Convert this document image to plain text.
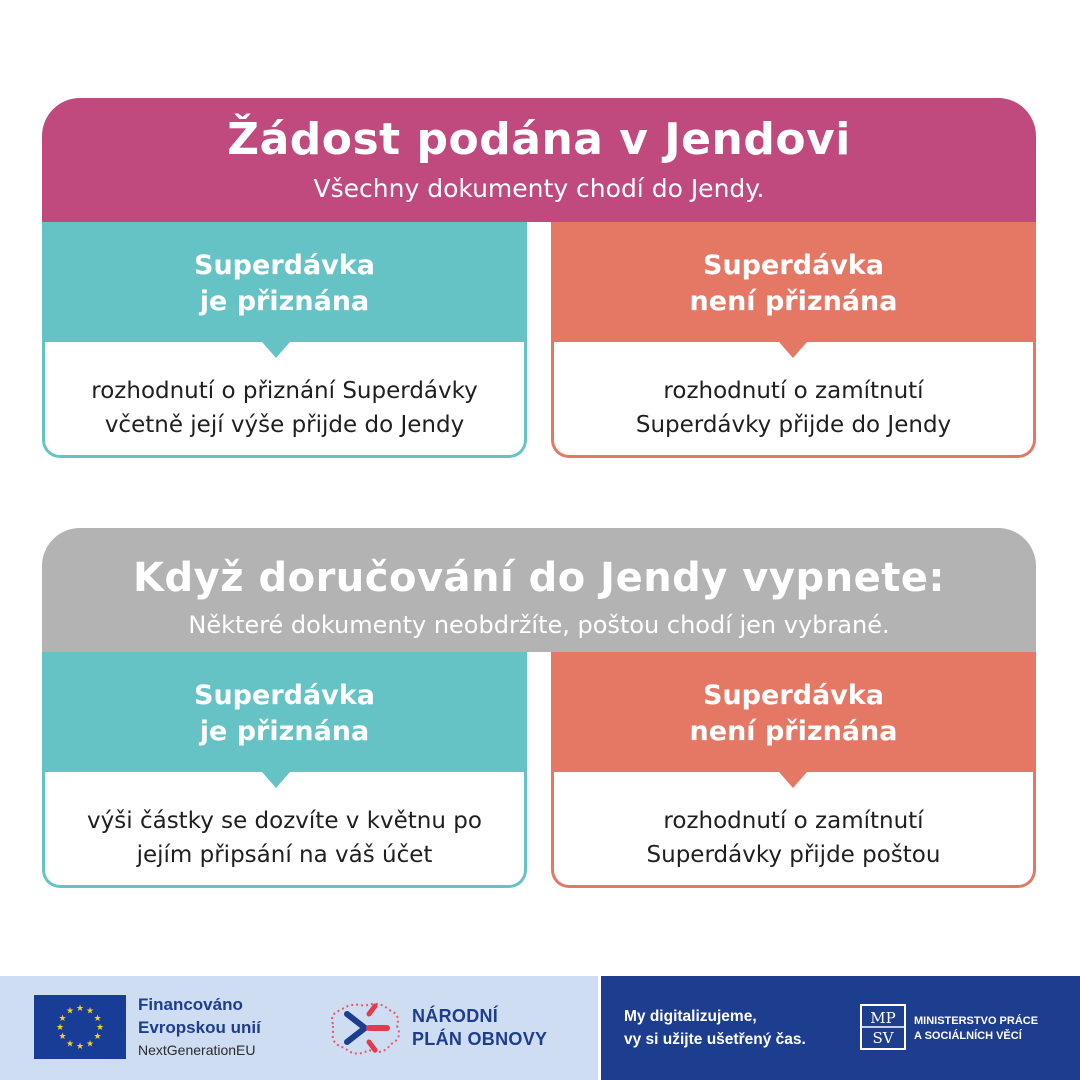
Žádost podána v Jendovi
Všechny dokumenty chodí do Jendy.
Superdávka
je přiznána
rozhodnutí o přiznání Superdávky
včetně její výše přijde do Jendy
Superdávka
není přiznána
rozhodnutí o zamítnutí
Superdávky přijde do Jendy
Když doručování do Jendy vypnete:
Některé dokumenty neobdržíte, poštou chodí jen vybrané.
Superdávka
je přiznána
výši částky se dozvíte v květnu po
jejím připsání na váš účet
Superdávka
není přiznána
rozhodnutí o zamítnutí
Superdávky přijde poštou
★ ★
★
★
★
★
★
★
★
★
★
★	Financováno
Evropskou unií
NextGenerationEU
NÁRODNÍ
PLÁN OBNOVY
My digitalizujeme,
vy si užijte ušetřený čas.
MP
SV
MINISTERSTVO PRÁCE
A SOCIÁLNÍCH VĚCÍ
